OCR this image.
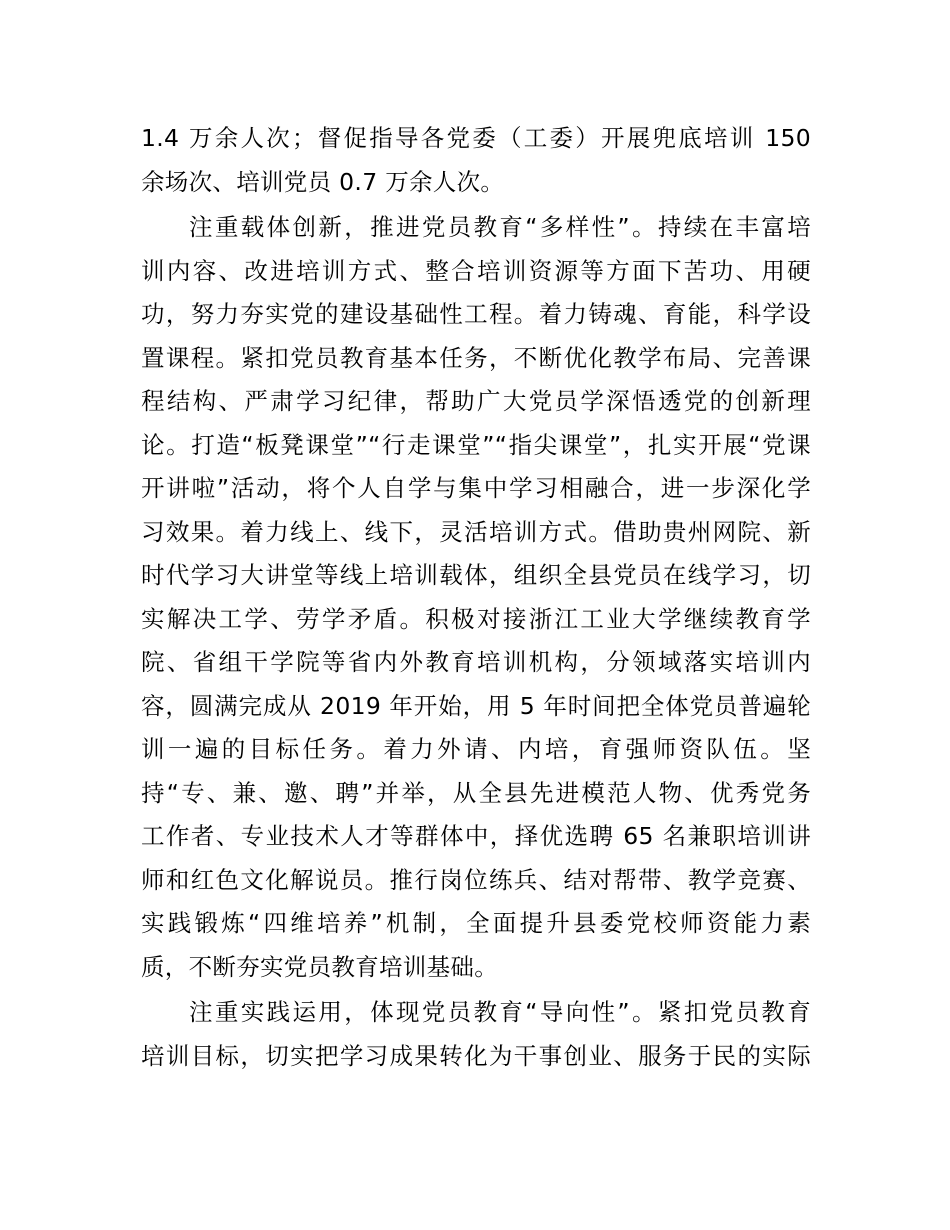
1.4 万余人次；督促指导各党委（工委）开展兜底培训 150
余场次、培训党员 0.7 万余人次。
注重载体创新，推进党员教育“多样性”。持续在丰富培
训内容、改进培训方式、整合培训资源等方面下苦功、用硬
功，努力夯实党的建设基础性工程。着力铸魂、育能，科学设
置课程。紧扣党员教育基本任务，不断优化教学布局、完善课
程结构、严肃学习纪律，帮助广大党员学深悟透党的创新理
论。打造“板凳课堂”“行走课堂”“指尖课堂”，扎实开展“党课
开讲啦”活动，将个人自学与集中学习相融合，进一步深化学
习效果。着力线上、线下，灵活培训方式。借助贵州网院、新
时代学习大讲堂等线上培训载体，组织全县党员在线学习，切
实解决工学、劳学矛盾。积极对接浙江工业大学继续教育学
院、省组干学院等省内外教育培训机构，分领域落实培训内
容，圆满完成从 2019 年开始，用 5 年时间把全体党员普遍轮
训一遍的目标任务。着力外请、内培，育强师资队伍。坚
持“专、兼、邀、聘”并举，从全县先进模范人物、优秀党务
工作者、专业技术人才等群体中，择优选聘 65 名兼职培训讲
师和红色文化解说员。推行岗位练兵、结对帮带、教学竞赛、
实践锻炼“四维培养”机制，全面提升县委党校师资能力素
质，不断夯实党员教育培训基础。
注重实践运用，体现党员教育“导向性”。紧扣党员教育
培训目标，切实把学习成果转化为干事创业、服务于民的实际
